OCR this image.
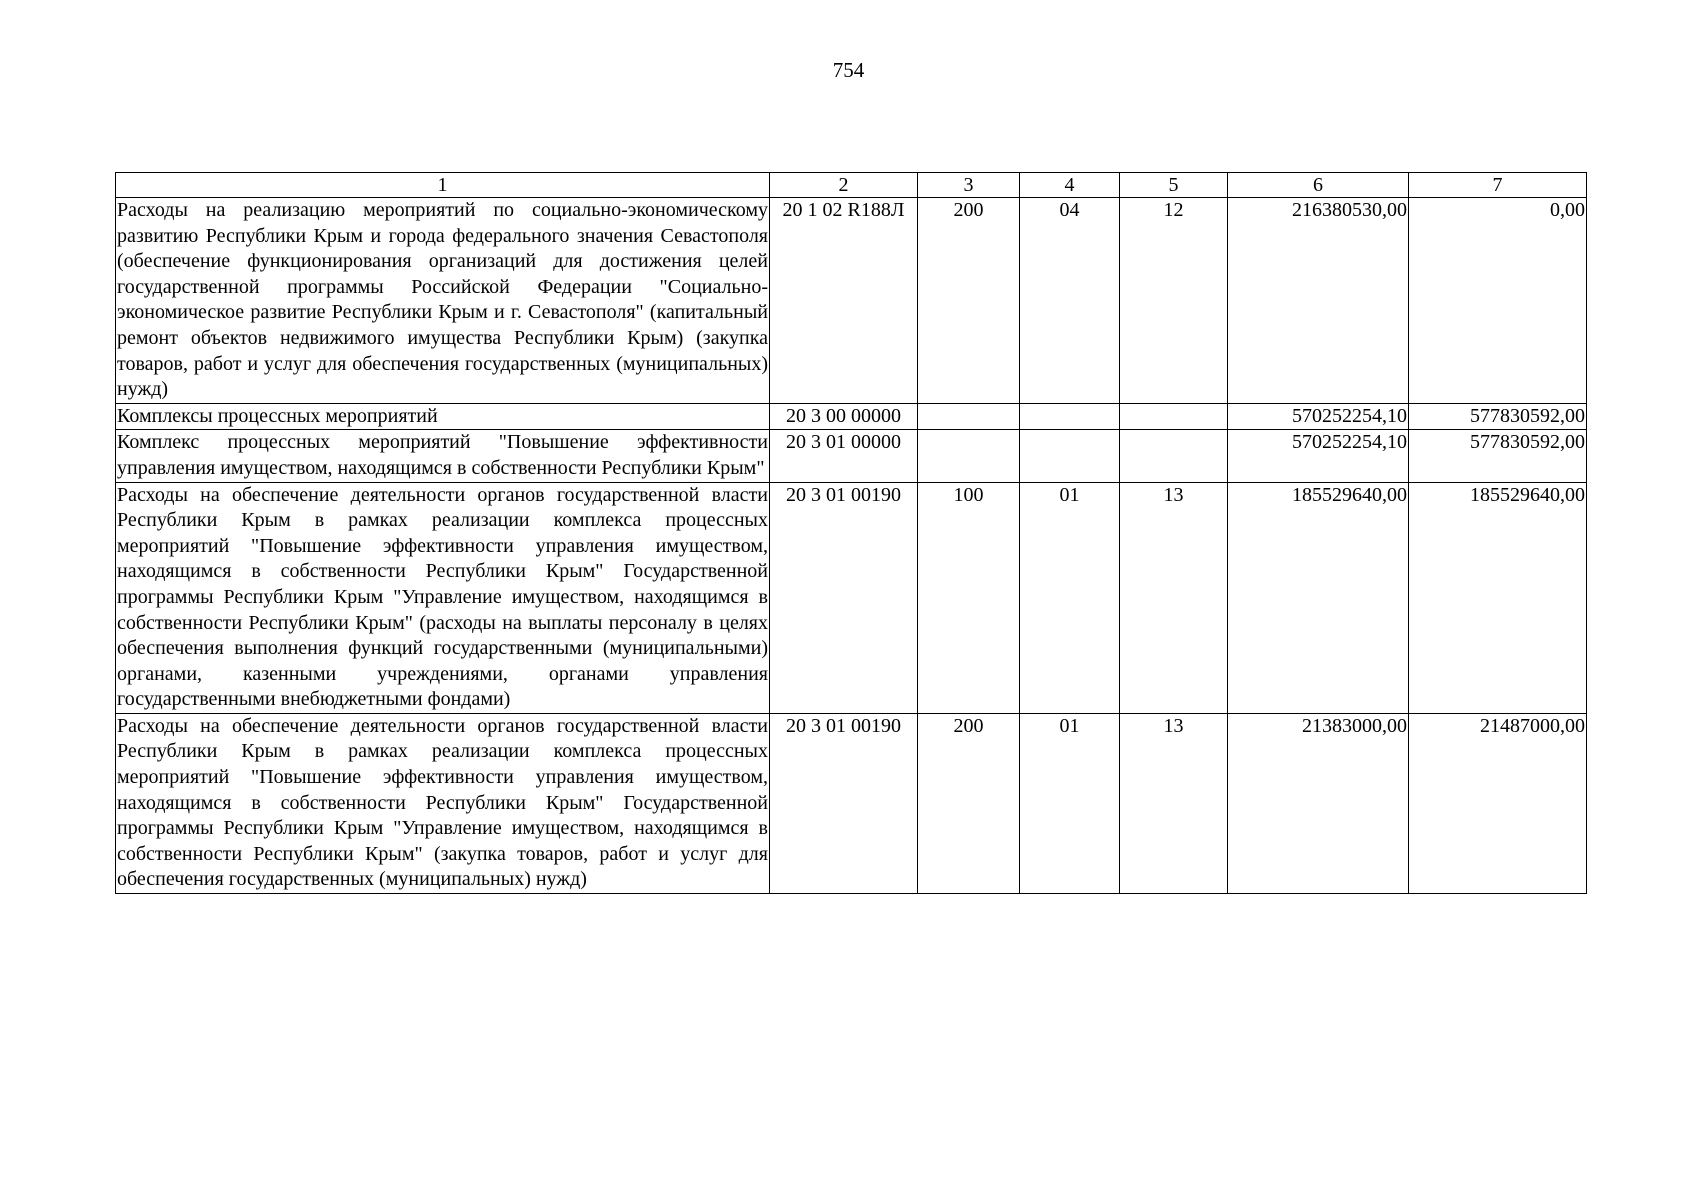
754
1	2	3	4	5	6	7
Расходы на реализацию мероприятий по социально-экономическому развитию Республики Крым и города федерального значения Севастополя (обеспечение функционирования организаций для достижения целей государственной программы Российской Федерации "Социально-экономическое развитие Республики Крым и г. Севастополя" (капитальный ремонт объектов недвижимого имущества Республики Крым) (закупка товаров, работ и услуг для обеспечения государственных (муниципальных) нужд)	20 1 02 R188Л	200	04	12	216380530,00	0,00
Комплексы процессных мероприятий	20 3 00 00000				570252254,10	577830592,00
Комплекс процессных мероприятий "Повышение эффективности управления имуществом, находящимся в собственности Республики Крым"	20 3 01 00000				570252254,10	577830592,00
Расходы на обеспечение деятельности органов государственной власти Республики Крым в рамках реализации комплекса процессных мероприятий "Повышение эффективности управления имуществом, находящимся в собственности Республики Крым" Государственной программы Республики Крым "Управление имуществом, находящимся в собственности Республики Крым" (расходы на выплаты персоналу в целях обеспечения выполнения функций государственными (муниципальными) органами, казенными учреждениями, органами управления государственными внебюджетными фондами)	20 3 01 00190	100	01	13	185529640,00	185529640,00
Расходы на обеспечение деятельности органов государственной власти Республики Крым в рамках реализации комплекса процессных мероприятий "Повышение эффективности управления имуществом, находящимся в собственности Республики Крым" Государственной программы Республики Крым "Управление имуществом, находящимся в собственности Республики Крым" (закупка товаров, работ и услуг для обеспечения государственных (муниципальных) нужд)	20 3 01 00190	200	01	13	21383000,00	21487000,00
